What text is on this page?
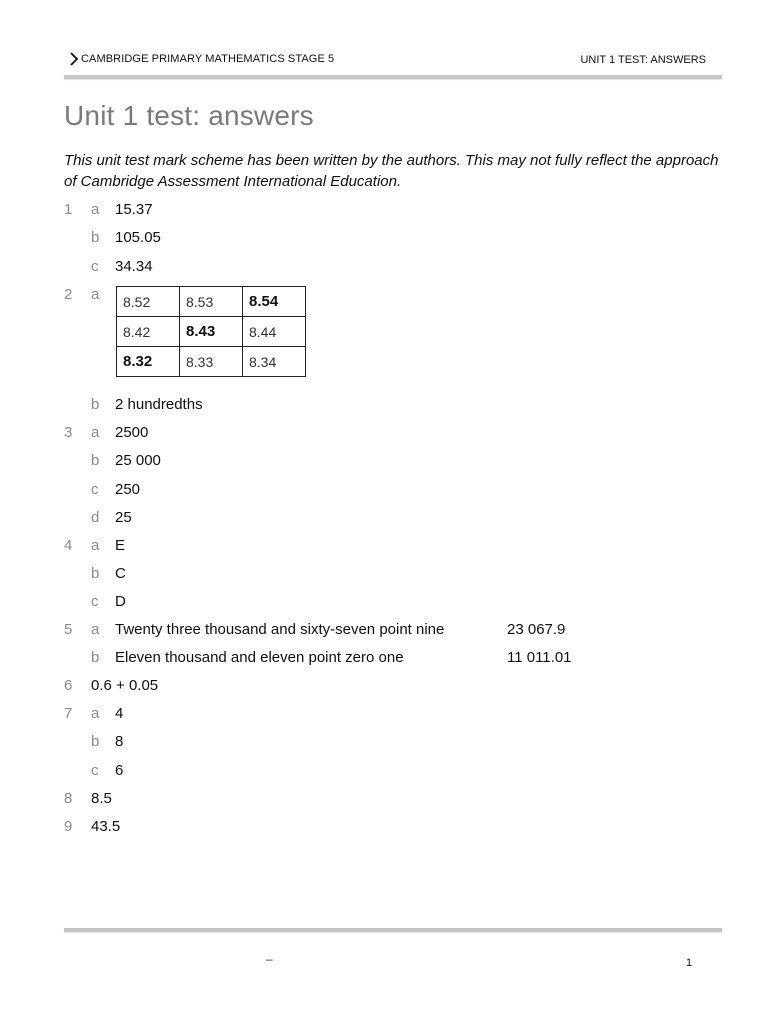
CAMBRIDGE PRIMARY MATHEMATICS STAGE 5	UNIT 1 TEST: ANSWERS
Unit 1 test: answers
This unit test mark scheme has been written by the authors. This may not fully reflect the approach of Cambridge Assessment International Education.
1 a 15.37
b 105.05
c 34.34
2 a 8.52	8.53	8.54
8.42	8.43	8.44
8.32	8.33	8.34
b 2 hundredths
3 a 2500
b 25 000
c 250
d 25
4 a E
b C
c D
5 a Twenty three thousand and sixty-seven point nine	23 067.9
b Eleven thousand and eleven point zero one	11 011.01
6 0.6 + 0.05
7 a 4
b 8
c 6
8 8.5
9 43.5
–	1
